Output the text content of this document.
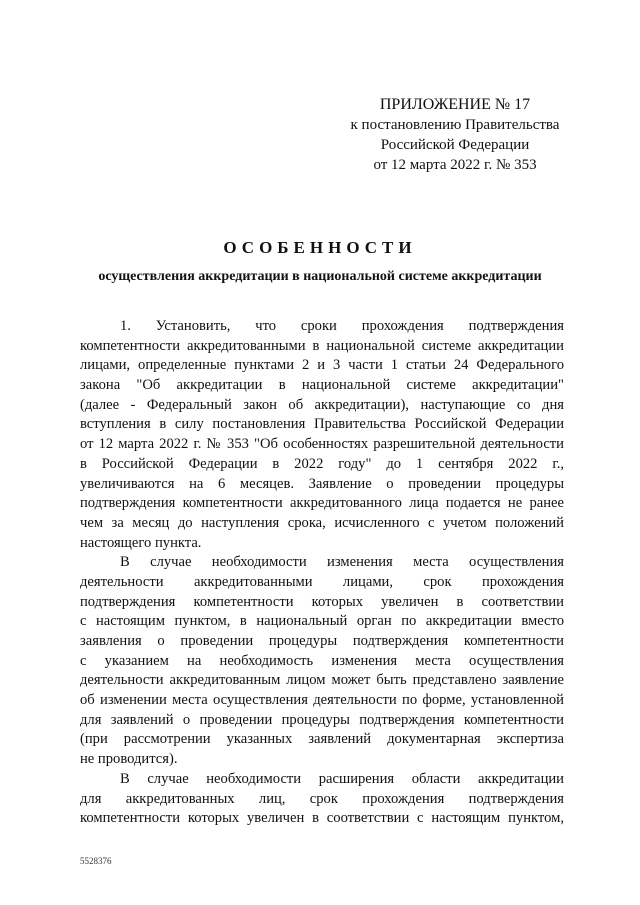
ПРИЛОЖЕНИЕ № 17
к постановлению Правительства
Российской Федерации
от 12 марта 2022 г. № 353
ОСОБЕННОСТИ
осуществления аккредитации в национальной системе аккредитации
1. Установить, что сроки прохождения подтверждения
компетентности аккредитованными в национальной системе аккредитации
лицами, определенные пунктами 2 и 3 части 1 статьи 24 Федерального
закона "Об аккредитации в национальной системе аккредитации"
(далее - Федеральный закон об аккредитации), наступающие со дня
вступления в силу постановления Правительства Российской Федерации
от 12 марта 2022 г. № 353 "Об особенностях разрешительной деятельности
в Российской Федерации в 2022 году" до 1 сентября 2022 г.,
увеличиваются на 6 месяцев. Заявление о проведении процедуры
подтверждения компетентности аккредитованного лица подается не ранее
чем за месяц до наступления срока, исчисленного с учетом положений
настоящего пункта.
В случае необходимости изменения места осуществления
деятельности аккредитованными лицами, срок прохождения
подтверждения компетентности которых увеличен в соответствии
с настоящим пунктом, в национальный орган по аккредитации вместо
заявления о проведении процедуры подтверждения компетентности
с указанием на необходимость изменения места осуществления
деятельности аккредитованным лицом может быть представлено заявление
об изменении места осуществления деятельности по форме, установленной
для заявлений о проведении процедуры подтверждения компетентности
(при рассмотрении указанных заявлений документарная экспертиза
не проводится).
В случае необходимости расширения области аккредитации
для аккредитованных лиц, срок прохождения подтверждения
компетентности которых увеличен в соответствии с настоящим пунктом,
5528376
